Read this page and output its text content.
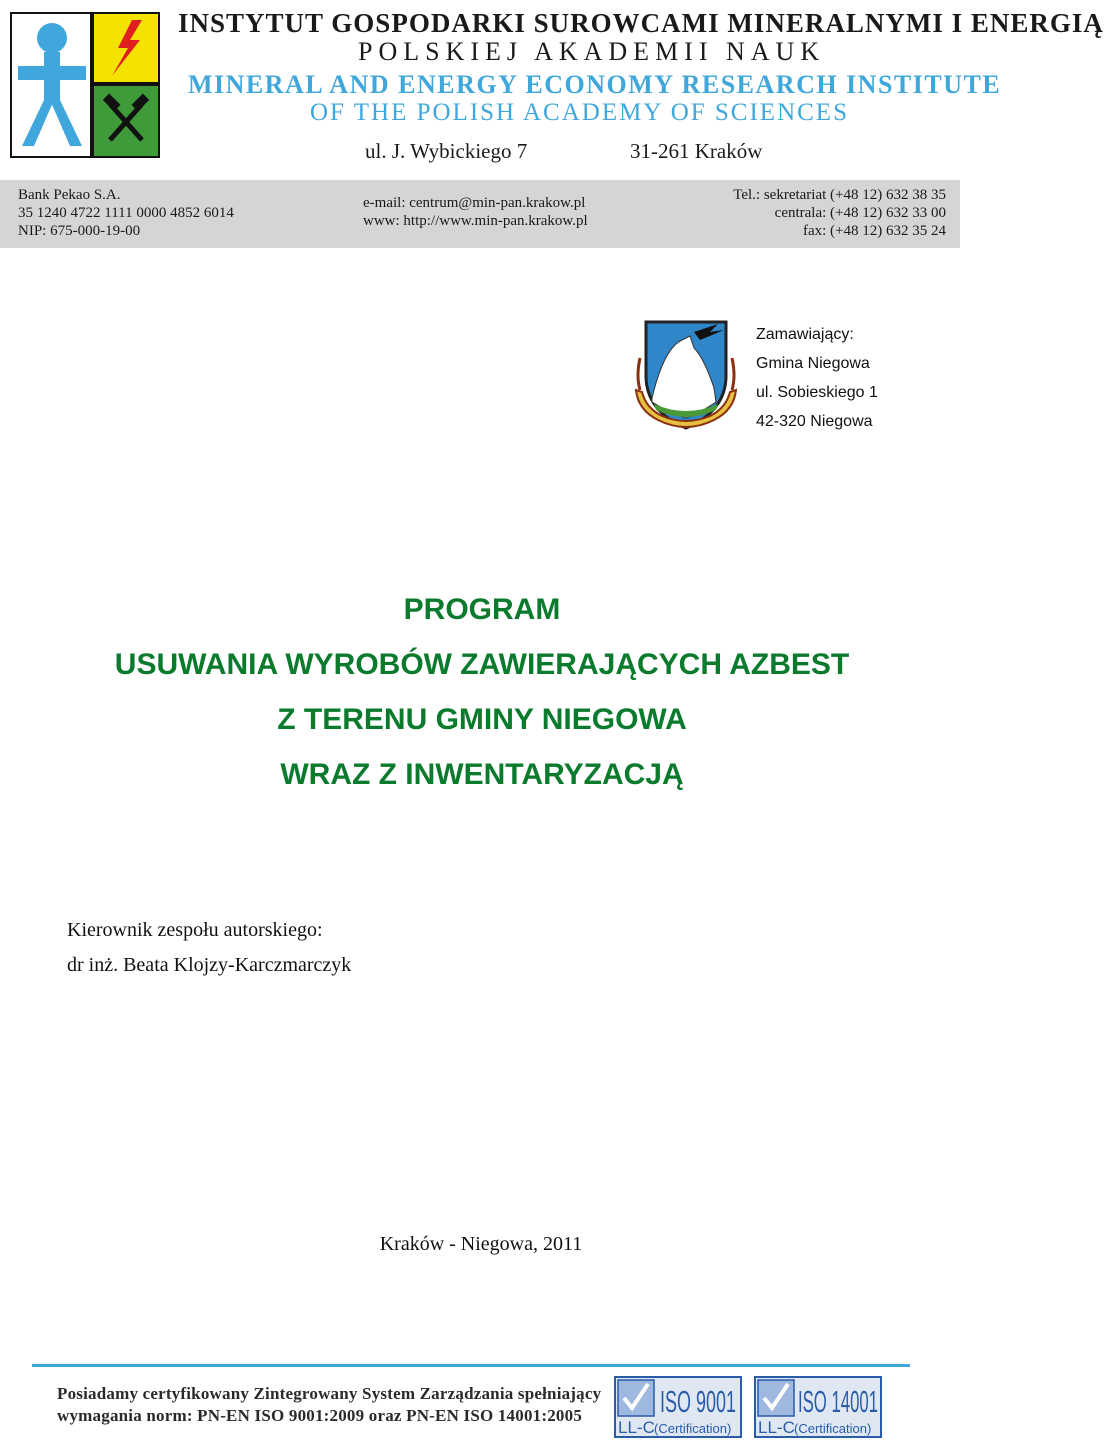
INSTYTUT GOSPODARKI SUROWCAMI MINERALNYMI I ENERGIĄ
POLSKIEJ AKADEMII NAUK
MINERAL AND ENERGY ECONOMY RESEARCH INSTITUTE
OF THE POLISH ACADEMY OF SCIENCES
ul. J. Wybickiego 7	31-261 Kraków
Bank Pekao S.A.
35 1240 4722 1111 0000 4852 6014
NIP: 675-000-19-00
e-mail: centrum@min-pan.krakow.pl
www: http://www.min-pan.krakow.pl
Tel.: sekretariat (+48 12) 632 38 35
centrala: (+48 12) 632 33 00
fax: (+48 12) 632 35 24
Zamawiający:
Gmina Niegowa
ul. Sobieskiego 1
42-320 Niegowa
PROGRAM
USUWANIA WYROBÓW ZAWIERAJĄCYCH AZBEST
Z TERENU GMINY NIEGOWA
WRAZ Z INWENTARYZACJĄ
Kierownik zespołu autorskiego:
dr inż. Beata Klojzy-Karczmarczyk
Kraków - Niegowa, 2011
Posiadamy certyfikowany Zintegrowany System Zarządzania spełniający
wymagania norm: PN-EN ISO 9001:2009 oraz PN-EN ISO 14001:2005	ISO 9001
LL-C (Certification)
ISO 14001
LL-C (Certification)
